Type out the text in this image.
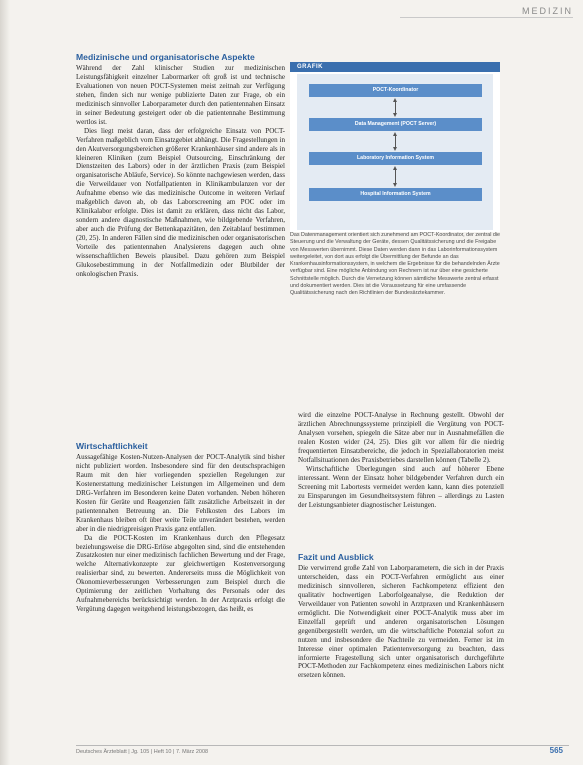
MEDIZIN
Medizinische und organisatorische Aspekte

Während der Zahl klinischer Studien zur medizinischen Leistungsfähigkeit einzelner Labormarker oft groß ist und technische Evaluationen von neuen POCT-Systemen meist zeitnah zur Verfügung stehen, finden sich nur wenige publizierte Daten zur Frage, ob ein medizinisch sinnvoller Laborparameter durch den patientennahen Einsatz in seiner Bedeutung gesteigert oder ob die patientennahe Bestimmung wertlos ist.

Dies liegt meist daran, dass der erfolgreiche Einsatz von POCT-Verfahren maßgeblich vom Einsatzgebiet abhängt. Die Fragestellungen in den Akutversorgungsbereichen größerer Krankenhäuser sind andere als in kleineren Kliniken (zum Beispiel Outsourcing, Einschränkung der Dienstzeiten des Labors) oder in der ärztlichen Praxis (zum Beispiel organisatorische Abläufe, Service). So könnte nachgewiesen werden, dass die Verweildauer von Notfallpatienten in Klinikambulanzen vor der Aufnahme ebenso wie das medizinische Outcome in weiteren Verlauf maßgeblich davon ab, ob das Laborscreening am POC oder im Klinikalabor erfolgte. Dies ist damit zu erklären, dass nicht das Labor, sondern andere diagnostische Maßnahmen, wie bildgebende Verfahren, aber auch die Prüfung der Bettenkapazitäten, den Zeitablauf bestimmen (20, 25). In anderen Fällen sind die medizinischen oder organisatorischen Vorteile des patientennahen Analysierens dagegen auch ohne wissenschaftlichen Beweis plausibel. Dazu gehören zum Beispiel Glukosebestimmung in der Notfallmedizin oder Blutbilder der onkologischen Praxis.

Wirtschaftlichkeit

Aussagefähige Kosten-Nutzen-Analysen der POCT-Analytik sind bisher nicht publiziert worden. Insbesondere sind für den deutschsprachigen Raum mit den hier vorliegenden speziellen Regelungen zur Kostenerstattung medizinischer Leistungen im Allgemeinen und dem DRG-Verfahren im Besonderen keine Daten vorhanden. Neben höheren Kosten für Geräte und Reagenzien fällt zusätzliche Arbeitszeit in der patientennahen Betreuung an. Die Fehlkosten des Labors im Krankenhaus bleiben oft über weite Teile unverändert bestehen, werden aber in die niedrigpreisigen Praxis ganz entfallen.

Da die POCT-Kosten im Krankenhaus durch den Pflegesatz beziehungsweise die DRG-Erlöse abgegolten sind, sind die entstehenden Zusatzkosten nur einer medizinisch fachlichen Bewertung und der Frage, welche Alternativkonzepte zur gleichwertigen Kostenversorgung realisierbar sind, zu bewerten. Andererseits muss die Möglichkeit von Ökonomieverbesserungen Verbesserungen zum Beispiel durch die Optimierung der zeitlichen Vorhaltung des Personals oder des Aufnahmebereichs berücksichtigt werden. In der Arztpraxis erfolgt die Vergütung dagegen weitgehend leistungsbezogen, das heißt, es

GRAFIK
POCT-Koordinator
Data Management (POCT Server)
Laboratory Information System
Hospital Information System
Das Datenmanagement orientiert sich zunehmend am POCT-Koordinator, der zentral die Steuerung und die Verwaltung der Geräte, dessen Qualitätssicherung und die Freigabe von Messwerten übernimmt. Diese Daten werden dann in das Laborinformationssystem weitergeleitet, von dort aus erfolgt die Übermittlung der Befunde an das Krankenhausinformationssystem, in welchem die Ergebnisse für die behandelnden Ärzte verfügbar sind. Eine mögliche Anbindung von Rechnern ist nur über eine gesicherte Schnittstelle möglich. Durch die Vernetzung können sämtliche Messwerte zentral erfasst und dokumentiert werden. Dies ist die Voraussetzung für eine umfassende Qualitätssicherung nach den Richtlinien der Bundesärztekammer.

wird die einzelne POCT-Analyse in Rechnung gestellt. Obwohl der ärztlichen Abrechnungssysteme prinzipiell die Vergütung von POCT-Analysen vorsehen, spiegeln die Sätze aber nur in Ausnahmefällen die realen Kosten wider (24, 25). Dies gilt vor allem für die niedrig frequentierten Einsatzbereiche, die jedoch in Speziallaboratorien meist Notfallsituationen des Praxisbetriebes darstellen können (Tabelle 2).

Wirtschaftliche Überlegungen sind auch auf höherer Ebene interessant. Wenn der Einsatz hoher bildgebender Verfahren durch ein Screening mit Labortests vermeidet werden kann, kann dies potenziell zu Einsparungen im Gesundheitssystem führen – allerdings zu Lasten der Leistungsanbieter diagnostischer Leistungen.

Fazit und Ausblick

Die verwirrend große Zahl von Laborparametern, die sich in der Praxis unterscheiden, dass ein POCT-Verfahren ermöglicht aus einer medizinisch sinnvolleren, sicheren Fachkompetenz effizient den qualitativ hochwertigen Laborfolgeanalyse, die Reduktion der Verweildauer von Patienten sowohl in Arztpraxen und Krankenhäusern ermöglicht. Die Notwendigkeit einer POCT-Analytik muss aber im Einzelfall geprüft und anderen organisatorischen Lösungen gegenübergestellt werden, um die wirtschaftliche Potenzial sofort zu nutzen und insbesondere die Nachteile zu vermeiden. Ferner ist im Interesse einer optimalen Patientenversorgung zu beachten, dass informierte Fragestellung sich unter organisatorisch durchgeführte POCT-Methoden zur Fachkompetenz eines medizinischen Labors nicht ersetzen können.

Deutsches Ärzteblatt | Jg. 105 | Heft 10 | 7. März 2008	565
